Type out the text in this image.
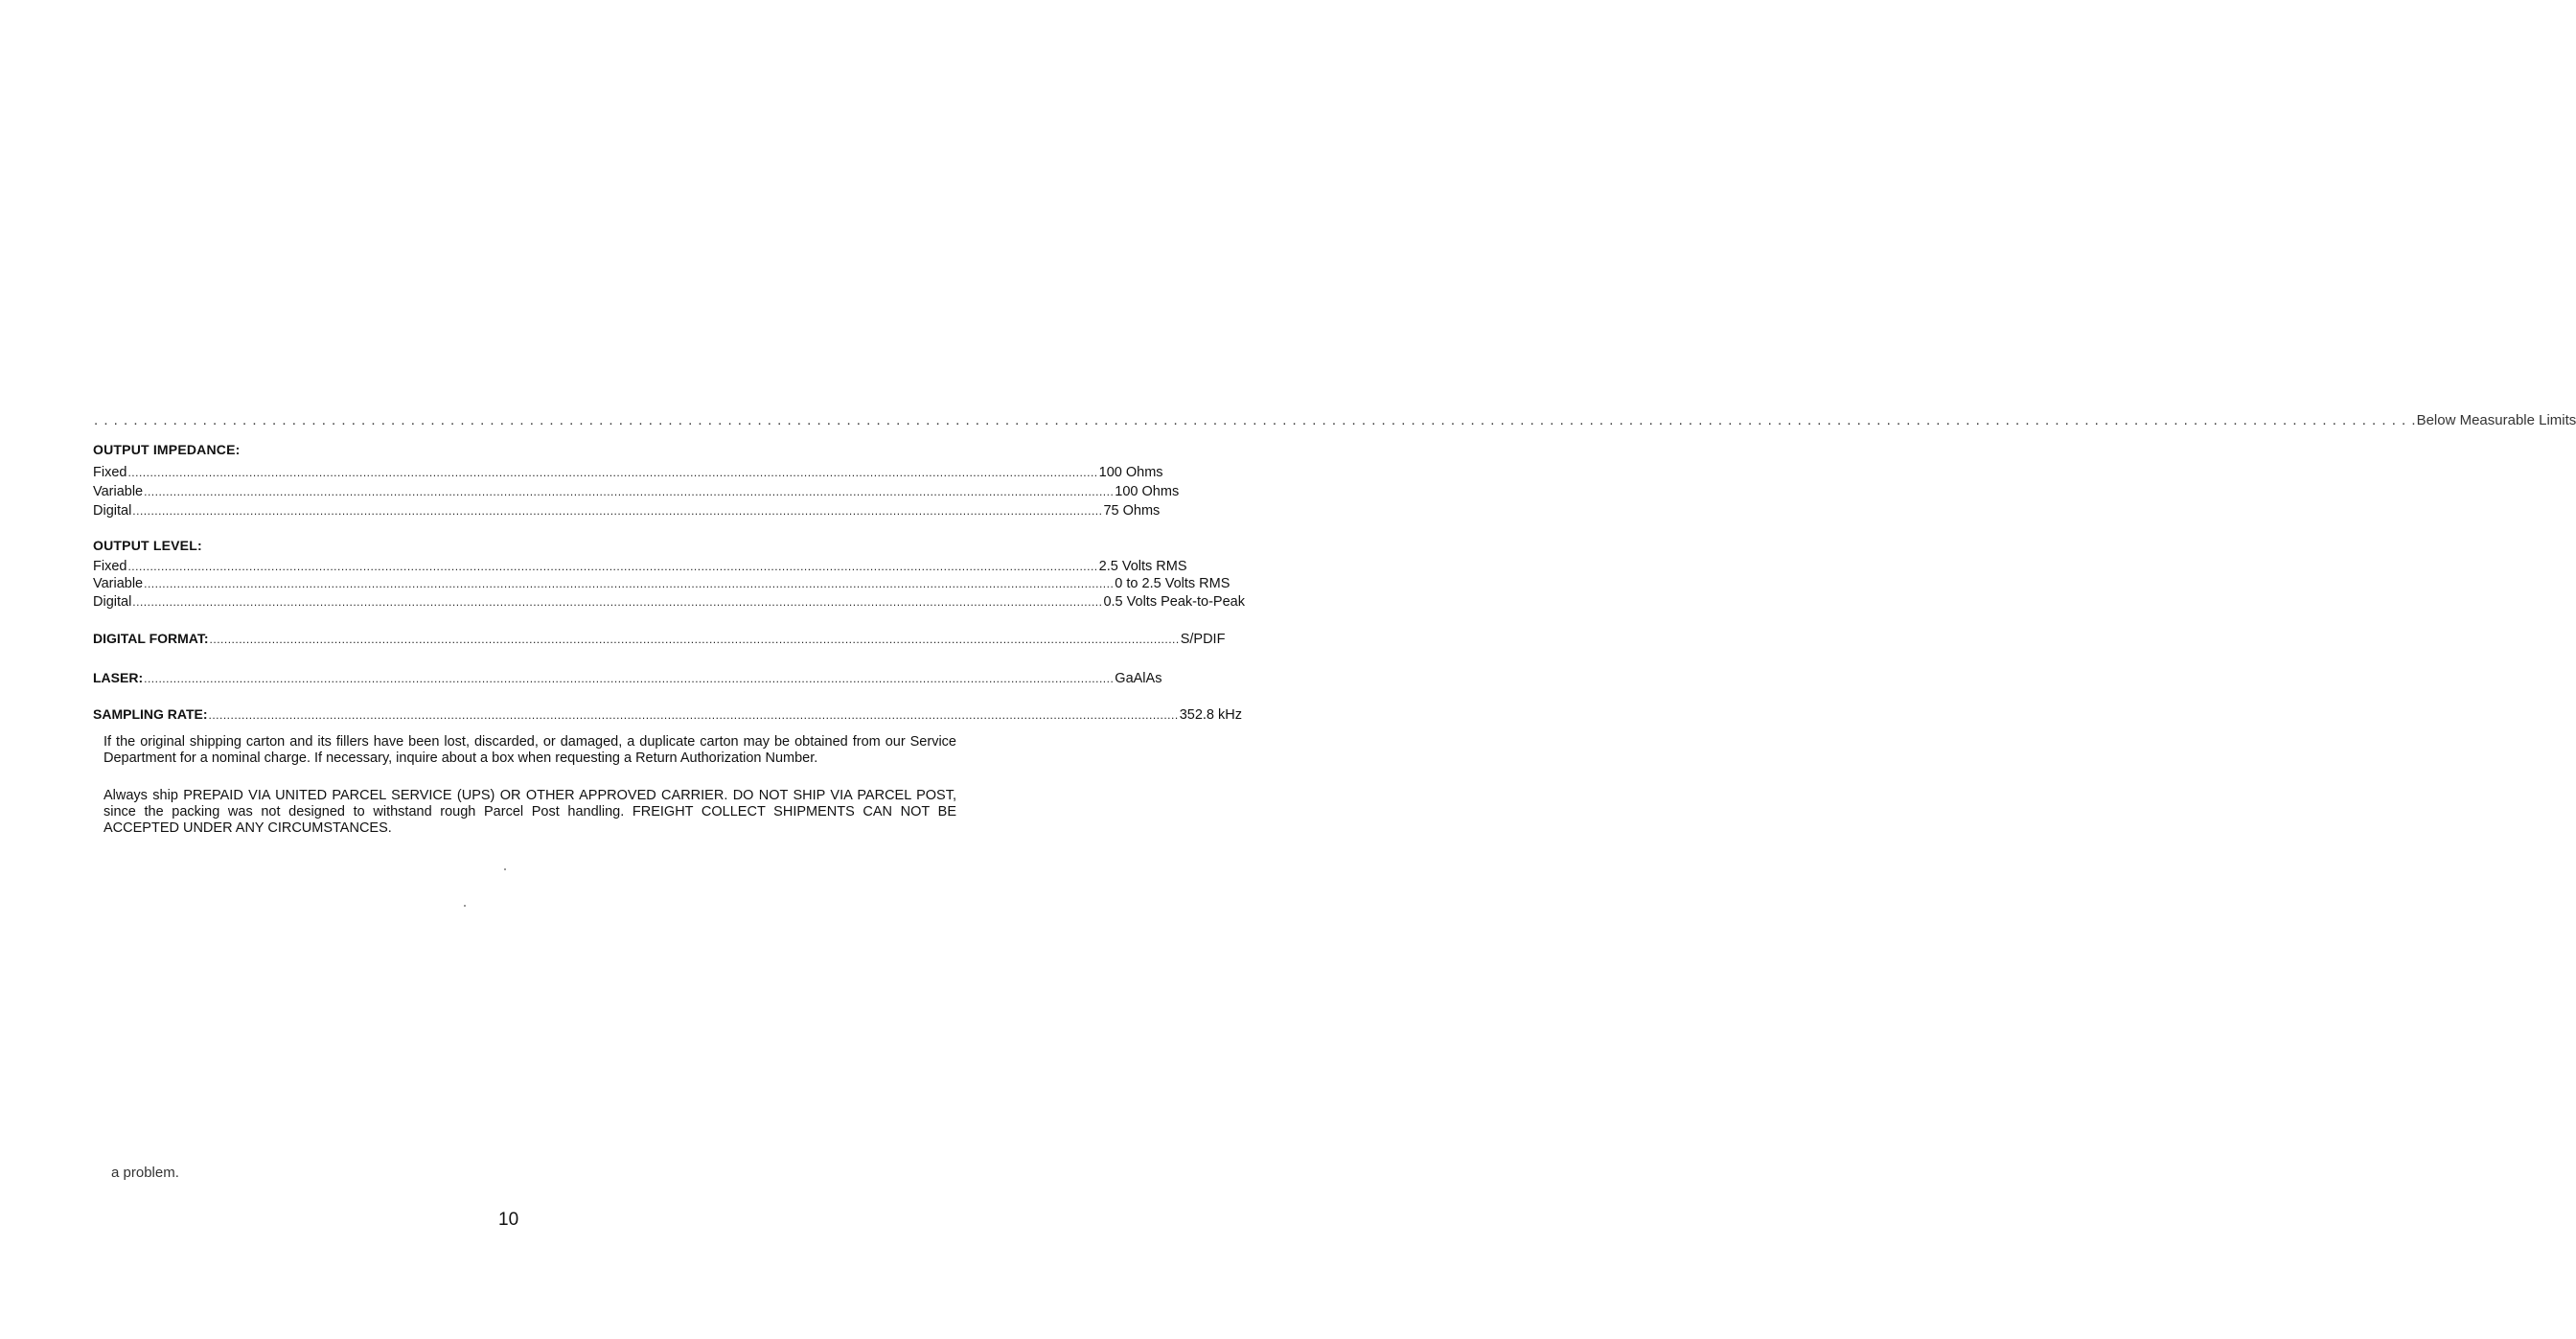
. . . . . . . . . . . . . . . . . . . . . . . . . . . . . . . . . . . . . . . . . . . . . . . . . . . . . . . . . . . . . . . . . . . . . . . . . . . . . . . . . . . . . . . . . . . . . . . . . . . . . . . . . . . . . . . . . . . . . . . . . . . . . . . . . . . . . . . . . . . . . . . . . . . . . . . . . . . . . . . . . . . . . . . . . . . . . . . . . . . . . . . . . . . . . . . . . . . . . . . . . . . . . . . . . . . . . . . . . . . . . . . . . . . . . . . . . . . Below Measurable Limits
OUTPUT IMPEDANCE:
Fixed .....	100 Ohms
Variable .....	100 Ohms
Digital .....	75 Ohms
OUTPUT LEVEL:
Fixed .....	2.5 Volts RMS
Variable .....	0 to 2.5 Volts RMS
Digital .....	0.5 Volts Peak-to-Peak
DIGITAL FORMAT: .....	S/PDIF
LASER: .....	GaAlAs
SAMPLING RATE: .....	352.8 kHz
If the original shipping carton and its fillers have been lost, discarded, or damaged, a duplicate carton may be obtained from our Service Department for a nominal charge. If necessary, inquire about a box when requesting a Return Authorization Number.
Always ship PREPAID VIA UNITED PARCEL SERVICE (UPS) OR OTHER APPROVED CARRIER. DO NOT SHIP VIA PARCEL POST, since the packing was not designed to withstand rough Parcel Post handling. FREIGHT COLLECT SHIPMENTS CAN NOT BE ACCEPTED UNDER ANY CIRCUMSTANCES.
a problem.
10
